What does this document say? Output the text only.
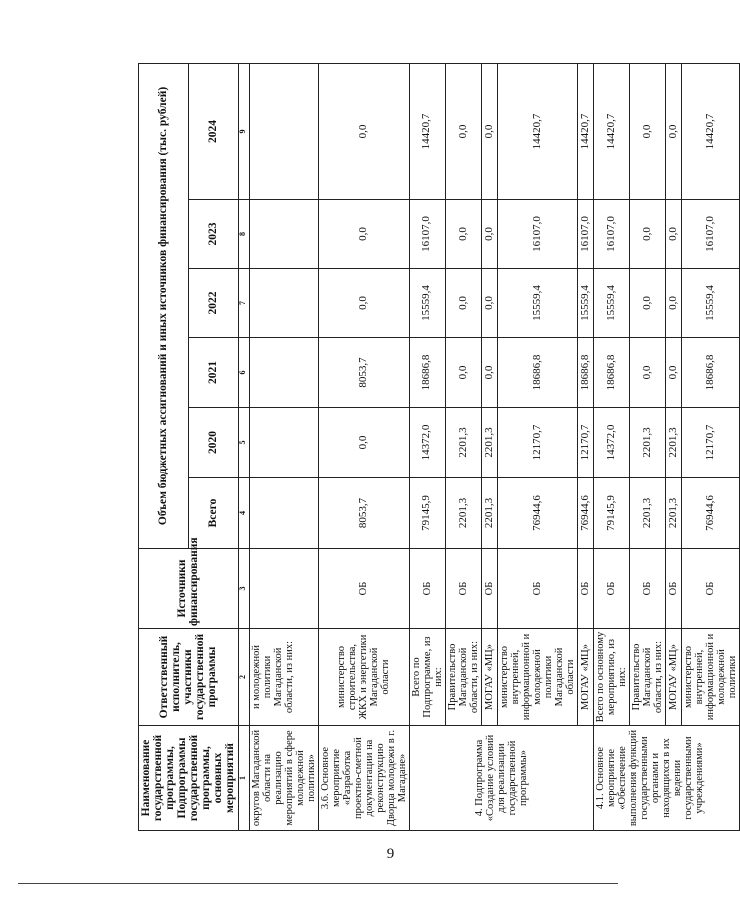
9
Наименование государственной программы, Подпрограммы государственной программы, основных мероприятий	Ответственный исполнитель, участники государственной программы	Источники финансирования	Объем бюджетных ассигнований и иных источников финансирования (тыс. рублей)					
			Всего	2020	2021	2022	2023	2024
1	2	3	4	5	6	7	8	9
округов Магаданской области на реализацию мероприятий в сфере молодежной политики»	и молодежной политики Магаданской области, из них:							
3.6. Основное мероприятие «Разработка проектно-сметной документации на реконструкцию Дворца молодежи в г. Магадане»	министерство строительства, ЖКХ и энергетики Магаданской области	ОБ	8053,7	0,0	8053,7	0,0	0,0	0,0
4. Подпрограмма «Создание условий для реализации государственной программы»	Всего по Подпрограмме, из них:	ОБ	79145,9	14372,0	18686,8	15559,4	16107,0	14420,7
	Правительство Магаданской области, из них:	ОБ	2201,3	2201,3	0,0	0,0	0,0	0,0
	МОГАУ «МЦ»	ОБ	2201,3	2201,3	0,0	0,0	0,0	0,0
	министерство внутренней, информационной и молодежной политики Магаданской области	ОБ	76944,6	12170,7	18686,8	15559,4	16107,0	14420,7
	МОГАУ «МЦ»	ОБ	76944,6	12170,7	18686,8	15559,4	16107,0	14420,7
4.1. Основное мероприятие «Обеспечение выполнения функций государственными органами и находящихся в их ведении государственными учреждениями»	Всего по основному мероприятию, из них:	ОБ	79145,9	14372,0	18686,8	15559,4	16107,0	14420,7
	Правительство Магаданской области, из них:	ОБ	2201,3	2201,3	0,0	0,0	0,0	0,0
	МОГАУ «МЦ»	ОБ	2201,3	2201,3	0,0	0,0	0,0	0,0
	министерство внутренней, информационной и молодежной политики	ОБ	76944,6	12170,7	18686,8	15559,4	16107,0	14420,7
